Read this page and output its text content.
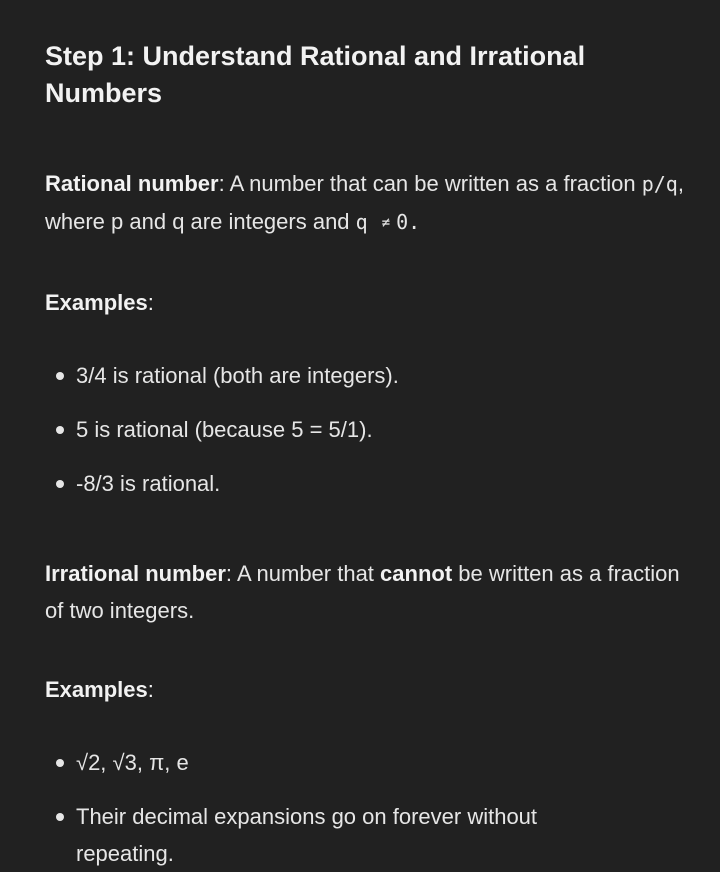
Step 1: Understand Rational and Irrational Numbers

Rational number: A number that can be written as a fraction p/q, where p and q are integers and q ≠ 0.

Examples:

3/4 is rational (both are integers).
5 is rational (because 5 = 5/1).
-8/3 is rational.

Irrational number: A number that cannot be written as a fraction of two integers.

Examples:

√2, √3, π, e
Their decimal expansions go on forever without repeating.
